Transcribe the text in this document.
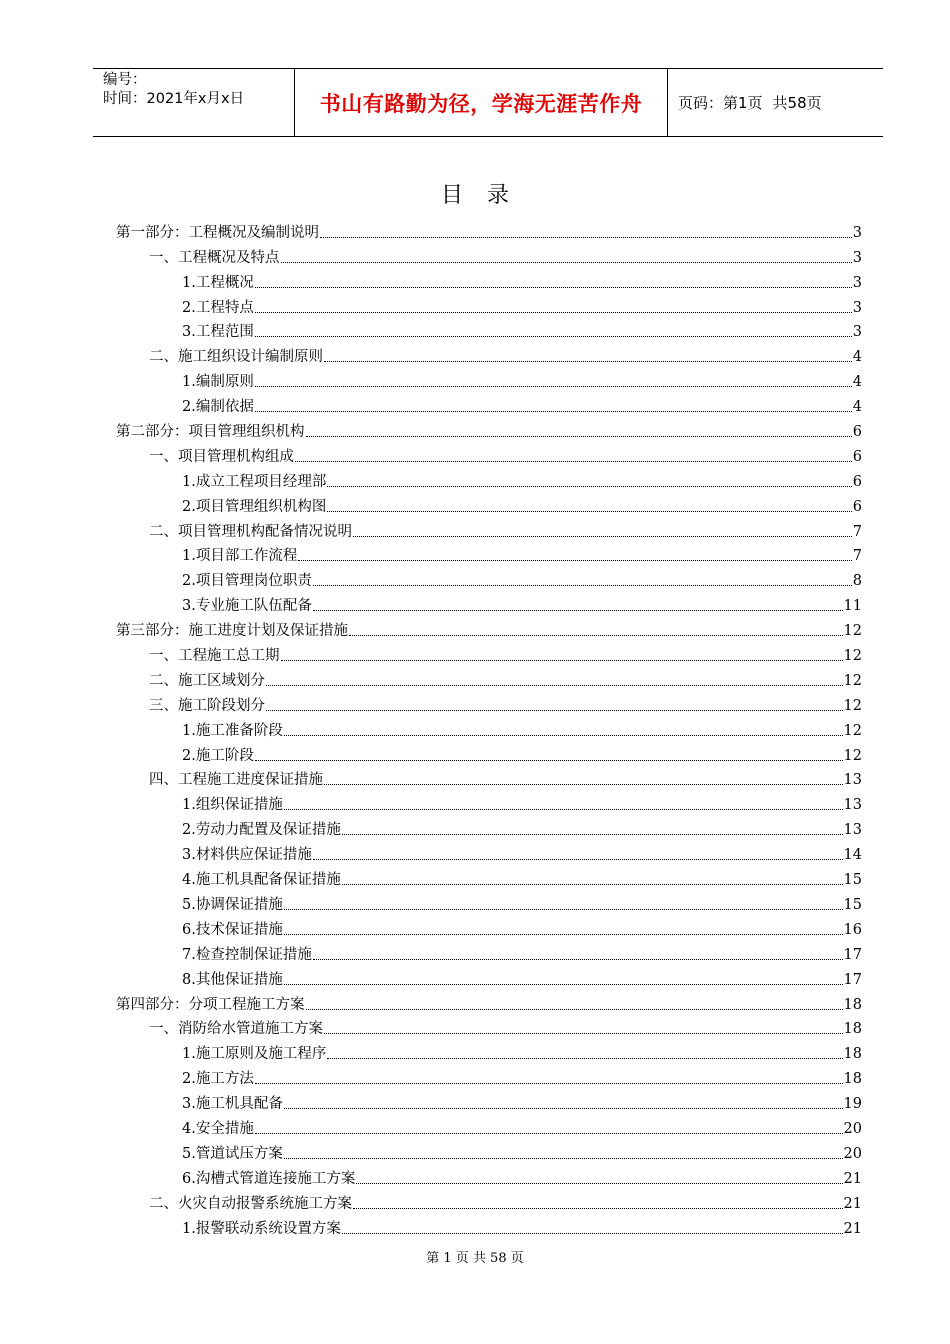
编号：
时间：2021年x月x日	书山有路勤为径，学海无涯苦作舟	页码：第1页 共58页
目录
第一部分：工程概况及编制说明	3
一、工程概况及特点	3
1.工程概况	3
2.工程特点	3
3.工程范围	3
二、施工组织设计编制原则	4
1.编制原则	4
2.编制依据	4
第二部分：项目管理组织机构	6
一、项目管理机构组成	6
1.成立工程项目经理部	6
2.项目管理组织机构图	6
二、项目管理机构配备情况说明	7
1.项目部工作流程	7
2.项目管理岗位职责	8
3.专业施工队伍配备	11
第三部分：施工进度计划及保证措施	12
一、工程施工总工期	12
二、施工区域划分	12
三、施工阶段划分	12
1.施工准备阶段	12
2.施工阶段	12
四、工程施工进度保证措施	13
1.组织保证措施	13
2.劳动力配置及保证措施	13
3.材料供应保证措施	14
4.施工机具配备保证措施	15
5.协调保证措施	15
6.技术保证措施	16
7.检查控制保证措施	17
8.其他保证措施	17
第四部分：分项工程施工方案	18
一、消防给水管道施工方案	18
1.施工原则及施工程序	18
2.施工方法	18
3.施工机具配备	19
4.安全措施	20
5.管道试压方案	20
6.沟槽式管道连接施工方案	21
二、火灾自动报警系统施工方案	21
1.报警联动系统设置方案	21
第 1 页 共 58 页
